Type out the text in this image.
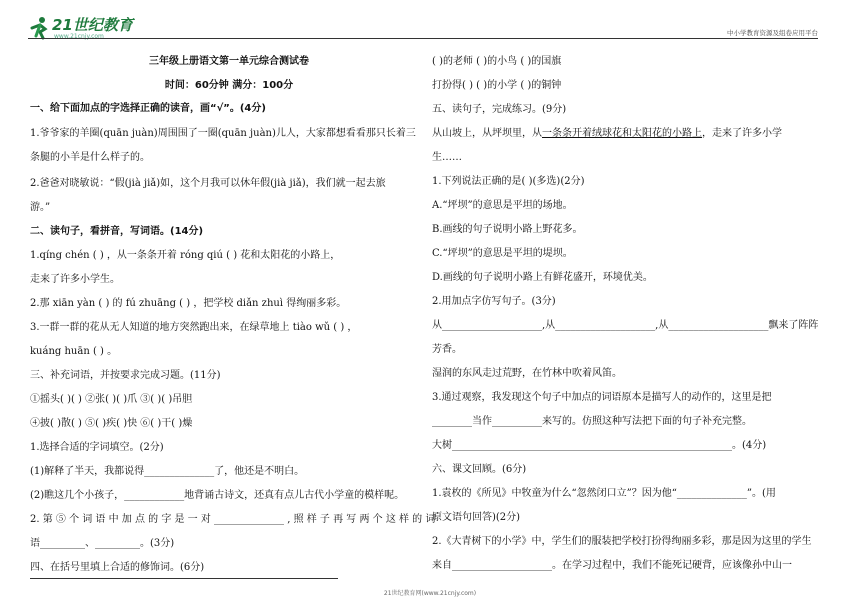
21世纪教育
www.21cnjy.com	中小学教育资源及组卷应用平台
三年级上册语文第一单元综合测试卷
时间：60分钟 满分：100分
一、给下面加点的字选择正确的读音，画“√”。(4分)
1.爷爷家的羊圈(quān juàn)周围围了一圈(quān juàn)儿人，大家都想看看那只长着三
条腿的小羊是什么样子的。
2.爸爸对晓敏说：“假(jià jiǎ)如，这个月我可以休年假(jià jiǎ)，我们就一起去旅
游。”
二、读句子，看拼音，写词语。(14分)
1.qíng chén ( ) ，从一条条开着 róng qiú ( ) 花和太阳花的小路上，
走来了许多小学生。
2.那 xiān yàn ( ) 的 fú zhuāng ( ) ，把学校 diǎn zhuì 得绚丽多彩。
3.一群一群的花从无人知道的地方突然跑出来，在绿草地上 tiào wǔ ( ) ，
kuáng huān ( ) 。
三、补充词语，并按要求完成习题。(11分)
①摇头( )( ) ②张( )( )爪 ③( )( )吊胆
④披( )散( ) ⑤( )疾( )快 ⑥( )干( )燥
1.选择合适的字词填空。(2分)
(1)解释了半天，我都说得______________了，他还是不明白。
(2)瞧这几个小孩子，____________地背诵古诗文，还真有点儿古代小学童的模样呢。
2. 第 ⑤ 个 词 语 中 加 点 的 字 是 一 对 ______________ , 照 样 子 再 写 两 个 这 样 的 词
语_________、_________。(3分)
四、在括号里填上合适的修饰词。(6分)
( )的老师 ( )的小鸟 ( )的国旗
打扮得( ) ( )的小学 ( )的铜钟
五、读句子，完成练习。(9分)
从山坡上，从坪坝里，从一条条开着绒球花和太阳花的小路上，走来了许多小学
生……
1.下列说法正确的是( )(多选)(2分)
A.“坪坝”的意思是平坦的场地。
B.画线的句子说明小路上野花多。
C.“坪坝”的意思是平坦的堤坝。
D.画线的句子说明小路上有鲜花盛开，环境优美。
2.用加点字仿写句子。(3分)
从____________________,从____________________,从____________________飘来了阵阵
芳香。
湿润的东风走过荒野，在竹林中吹着风笛。
3.通过观察，我发现这个句子中加点的词语原本是描写人的动作的，这里是把
________当作__________来写的。仿照这种写法把下面的句子补充完整。
大树________________________________________________________。(4分)
六、课文回顾。(6分)
1.袁枚的《所见》中牧童为什么“忽然闭口立”？因为他“______________”。(用
原文语句回答)(2分)
2.《大青树下的小学》中，学生们的服装把学校打扮得绚丽多彩，那是因为这里的学生
来自____________________。在学习过程中，我们不能死记硬背，应该像孙中山一
21世纪教育网(www.21cnjy.com)
